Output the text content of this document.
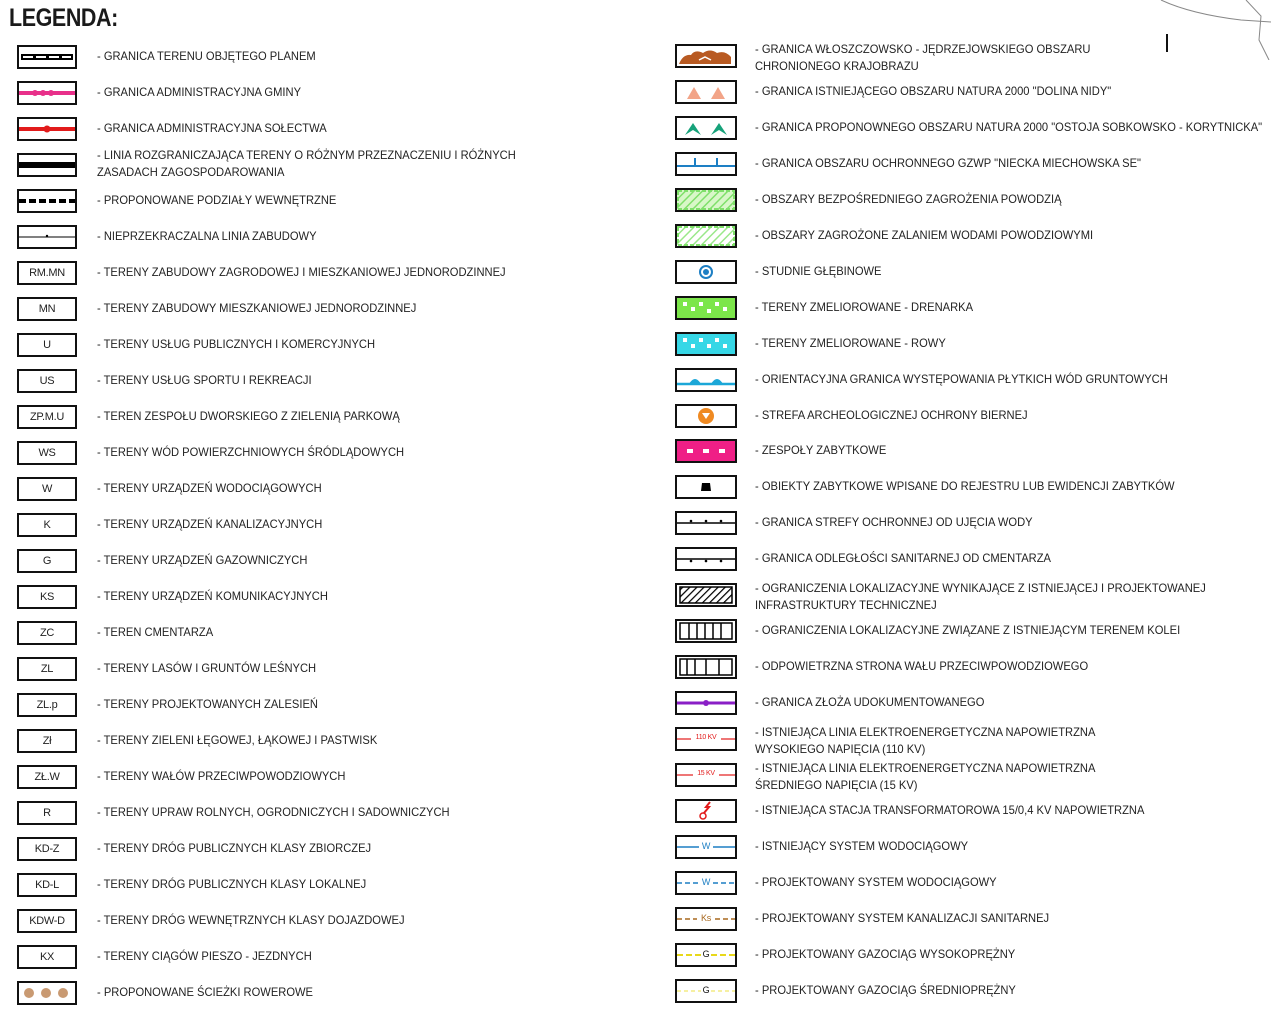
LEGENDA:
- GRANICA TERENU OBJĘTEGO PLANEM
- GRANICA ADMINISTRACYJNA GMINY
- GRANICA ADMINISTRACYJNA SOŁECTWA
- LINIA ROZGRANICZAJĄCA TERENY O RÓŻNYM PRZEZNACZENIU I RÓŻNYCH
ZASADACH ZAGOSPODAROWANIA
- PROPONOWANE PODZIAŁY WEWNĘTRZNE
- NIEPRZEKRACZALNA LINIA ZABUDOWY
RM.MN	- TERENY ZABUDOWY ZAGRODOWEJ I MIESZKANIOWEJ JEDNORODZINNEJ
MN	- TERENY ZABUDOWY MIESZKANIOWEJ JEDNORODZINNEJ
U	- TERENY USŁUG PUBLICZNYCH I KOMERCYJNYCH
US	- TERENY USŁUG SPORTU I REKREACJI
ZP.M.U	- TEREN ZESPOŁU DWORSKIEGO Z ZIELENIĄ PARKOWĄ
WS	- TERENY WÓD POWIERZCHNIOWYCH ŚRÓDLĄDOWYCH
W	- TERENY URZĄDZEŃ WODOCIĄGOWYCH
K	- TERENY URZĄDZEŃ KANALIZACYJNYCH
G	- TERENY URZĄDZEŃ GAZOWNICZYCH
KS	- TERENY URZĄDZEŃ KOMUNIKACYJNYCH
ZC	- TEREN CMENTARZA
ZL	- TERENY LASÓW I GRUNTÓW LEŚNYCH
ZL.p	- TERENY PROJEKTOWANYCH ZALESIEŃ
Zł	- TERENY ZIELENI ŁĘGOWEJ, ŁĄKOWEJ I PASTWISK
ZŁ.W	- TERENY WAŁÓW PRZECIWPOWODZIOWYCH
R	- TERENY UPRAW ROLNYCH, OGRODNICZYCH I SADOWNICZYCH
KD-Z	- TERENY DRÓG PUBLICZNYCH KLASY ZBIORCZEJ
KD-L	- TERENY DRÓG PUBLICZNYCH KLASY LOKALNEJ
KDW-D	- TERENY DRÓG WEWNĘTRZNYCH KLASY DOJAZDOWEJ
KX	- TERENY CIĄGÓW PIESZO - JEZDNYCH
- PROPONOWANE ŚCIEŻKI ROWEROWE
- GRANICA WŁOSZCZOWSKO - JĘDRZEJOWSKIEGO OBSZARU
CHRONIONEGO KRAJOBRAZU
- GRANICA ISTNIEJĄCEGO OBSZARU NATURA 2000 "DOLINA NIDY"
- GRANICA PROPONOWNEGO OBSZARU NATURA 2000 "OSTOJA SOBKOWSKO - KORYTNICKA"
- GRANICA OBSZARU OCHRONNEGO GZWP "NIECKA MIECHOWSKA SE"
- OBSZARY BEZPOŚREDNIEGO ZAGROŻENIA POWODZIĄ
- OBSZARY ZAGROŻONE ZALANIEM WODAMI POWODZIOWYMI
- STUDNIE GŁĘBINOWE
- TERENY ZMELIOROWANE - DRENARKA
- TERENY ZMELIOROWANE - ROWY
- ORIENTACYJNA GRANICA WYSTĘPOWANIA PŁYTKICH WÓD GRUNTOWYCH
- STREFA ARCHEOLOGICZNEJ OCHRONY BIERNEJ
- ZESPOŁY ZABYTKOWE
- OBIEKTY ZABYTKOWE WPISANE DO REJESTRU LUB EWIDENCJI ZABYTKÓW
- GRANICA STREFY OCHRONNEJ OD UJĘCIA WODY
- GRANICA ODLEGŁOŚCI SANITARNEJ OD CMENTARZA
- OGRANICZENIA LOKALIZACYJNE WYNIKAJĄCE Z ISTNIEJĄCEJ I PROJEKTOWANEJ
INFRASTRUKTURY TECHNICZNEJ
- OGRANICZENIA LOKALIZACYJNE ZWIĄZANE Z ISTNIEJĄCYM TERENEM KOLEI
- ODPOWIETRZNA STRONA WAŁU PRZECIWPOWODZIOWEGO
- GRANICA ZŁOŻA UDOKUMENTOWANEGO
110 KV	- ISTNIEJĄCA LINIA ELEKTROENERGETYCZNA NAPOWIETRZNA
WYSOKIEGO NAPIĘCIA (110 KV)
15 KV	- ISTNIEJĄCA LINIA ELEKTROENERGETYCZNA NAPOWIETRZNA
ŚREDNIEGO NAPIĘCIA (15 KV)
- ISTNIEJĄCA STACJA TRANSFORMATOROWA 15/0,4 KV NAPOWIETRZNA
W	- ISTNIEJĄCY SYSTEM WODOCIĄGOWY
W	- PROJEKTOWANY SYSTEM WODOCIĄGOWY
Ks	- PROJEKTOWANY SYSTEM KANALIZACJI SANITARNEJ
G	- PROJEKTOWANY GAZOCIĄG WYSOKOPRĘŻNY
G	- PROJEKTOWANY GAZOCIĄG ŚREDNIOPRĘŻNY
